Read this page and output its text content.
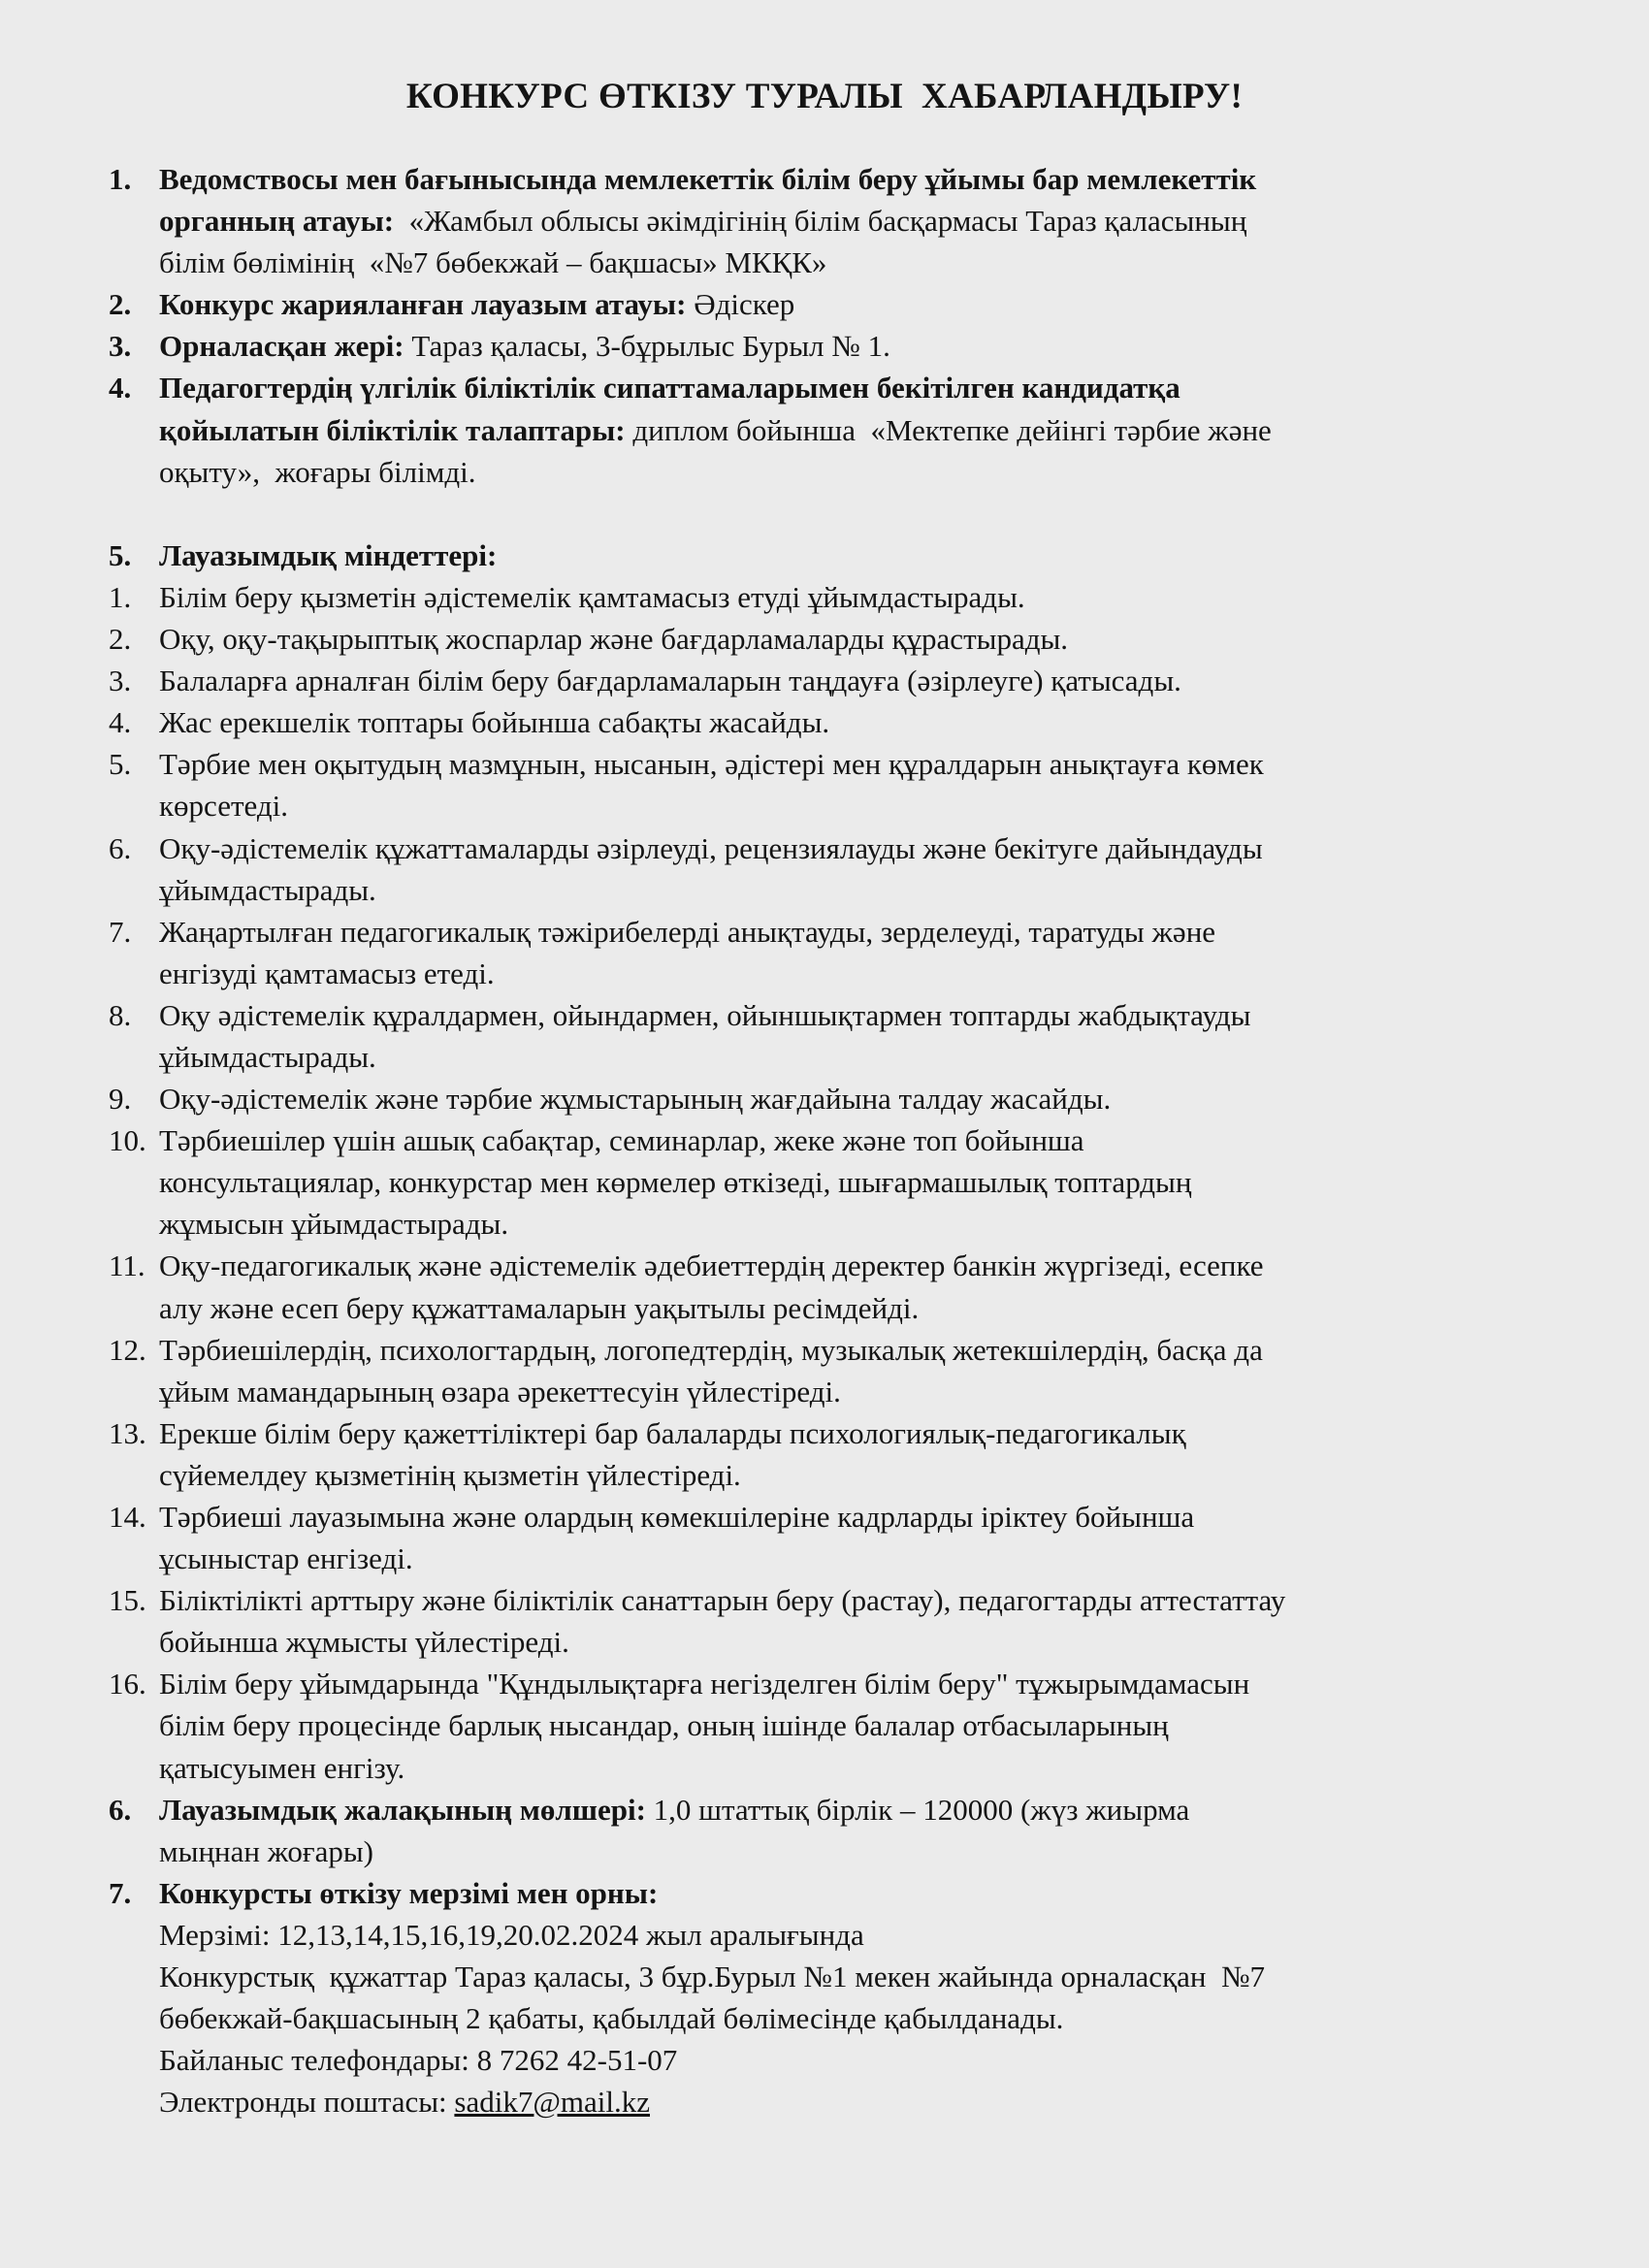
КОНКУРС ӨТКІЗУ ТУРАЛЫ  ХАБАРЛАНДЫРУ!
1. Ведомствосы мен бағынысында мемлекеттік білім беру ұйымы бар мемлекеттік
органның атауы:  «Жамбыл облысы әкімдігінің білім басқармасы Тараз қаласының
білім бөлімінің  «№7 бөбекжай – бақшасы» МКҚК»
2. Конкурс жарияланған лауазым атауы: Әдіскер
3. Орналасқан жері: Тараз қаласы, 3-бұрылыс Бурыл № 1.
4. Педагогтердің үлгілік біліктілік сипаттамаларымен бекітілген кандидатқа
қойылатын біліктілік талаптары: диплом бойынша  «Мектепке дейінгі тәрбие және
оқыту»,  жоғары білімді.
5. Лауазымдық міндеттері:
1. Білім беру қызметін әдістемелік қамтамасыз етуді ұйымдастырады.
2. Оқу, оқу-тақырыптық жоспарлар және бағдарламаларды құрастырады.
3. Балаларға арналған білім беру бағдарламаларын таңдауға (әзірлеуге) қатысады.
4. Жас ерекшелік топтары бойынша сабақты жасайды.
5. Тәрбие мен оқытудың мазмұнын, нысанын, әдістері мен құралдарын анықтауға көмек
көрсетеді.
6. Оқу-әдістемелік құжаттамаларды әзірлеуді, рецензиялауды және бекітуге дайындауды
ұйымдастырады.
7. Жаңартылған педагогикалық тәжірибелерді анықтауды, зерделеуді, таратуды және
енгізуді қамтамасыз етеді.
8. Оқу әдістемелік құралдармен, ойындармен, ойыншықтармен топтарды жабдықтауды
ұйымдастырады.
9. Оқу-әдістемелік және тәрбие жұмыстарының жағдайына талдау жасайды.
10. Тәрбиешілер үшін ашық сабақтар, семинарлар, жеке және топ бойынша
консультациялар, конкурстар мен көрмелер өткізеді, шығармашылық топтардың
жұмысын ұйымдастырады.
11. Оқу-педагогикалық және әдістемелік әдебиеттердің деректер банкін жүргізеді, есепке
алу және есеп беру құжаттамаларын уақытылы ресімдейді.
12. Тәрбиешілердің, психологтардың, логопедтердің, музыкалық жетекшілердің, басқа да
ұйым мамандарының өзара әрекеттесуін үйлестіреді.
13. Ерекше білім беру қажеттіліктері бар балаларды психологиялық-педагогикалық
сүйемелдеу қызметінің қызметін үйлестіреді.
14. Тәрбиеші лауазымына және олардың көмекшілеріне кадрларды іріктеу бойынша
ұсыныстар енгізеді.
15. Біліктілікті арттыру және біліктілік санаттарын беру (растау), педагогтарды аттестаттау
бойынша жұмысты үйлестіреді.
16. Білім беру ұйымдарында "Құндылықтарға негізделген білім беру" тұжырымдамасын
білім беру процесінде барлық нысандар, оның ішінде балалар отбасыларының
қатысуымен енгізу.
6. Лауазымдық жалақының мөлшері: 1,0 штаттық бірлік – 120000 (жүз жиырма
мыңнан жоғары)
7. Конкурсты өткізу мерзімі мен орны:
Мерзімі: 12,13,14,15,16,19,20.02.2024 жыл аралығында
Конкурстық  құжаттар Тараз қаласы, 3 бұр.Бурыл №1 мекен жайында орналасқан  №7
бөбекжай-бақшасының 2 қабаты, қабылдай бөлімесінде қабылданады.
Байланыс телефондары: 8 7262 42-51-07
Электронды поштасы: sadik7@mail.kz
